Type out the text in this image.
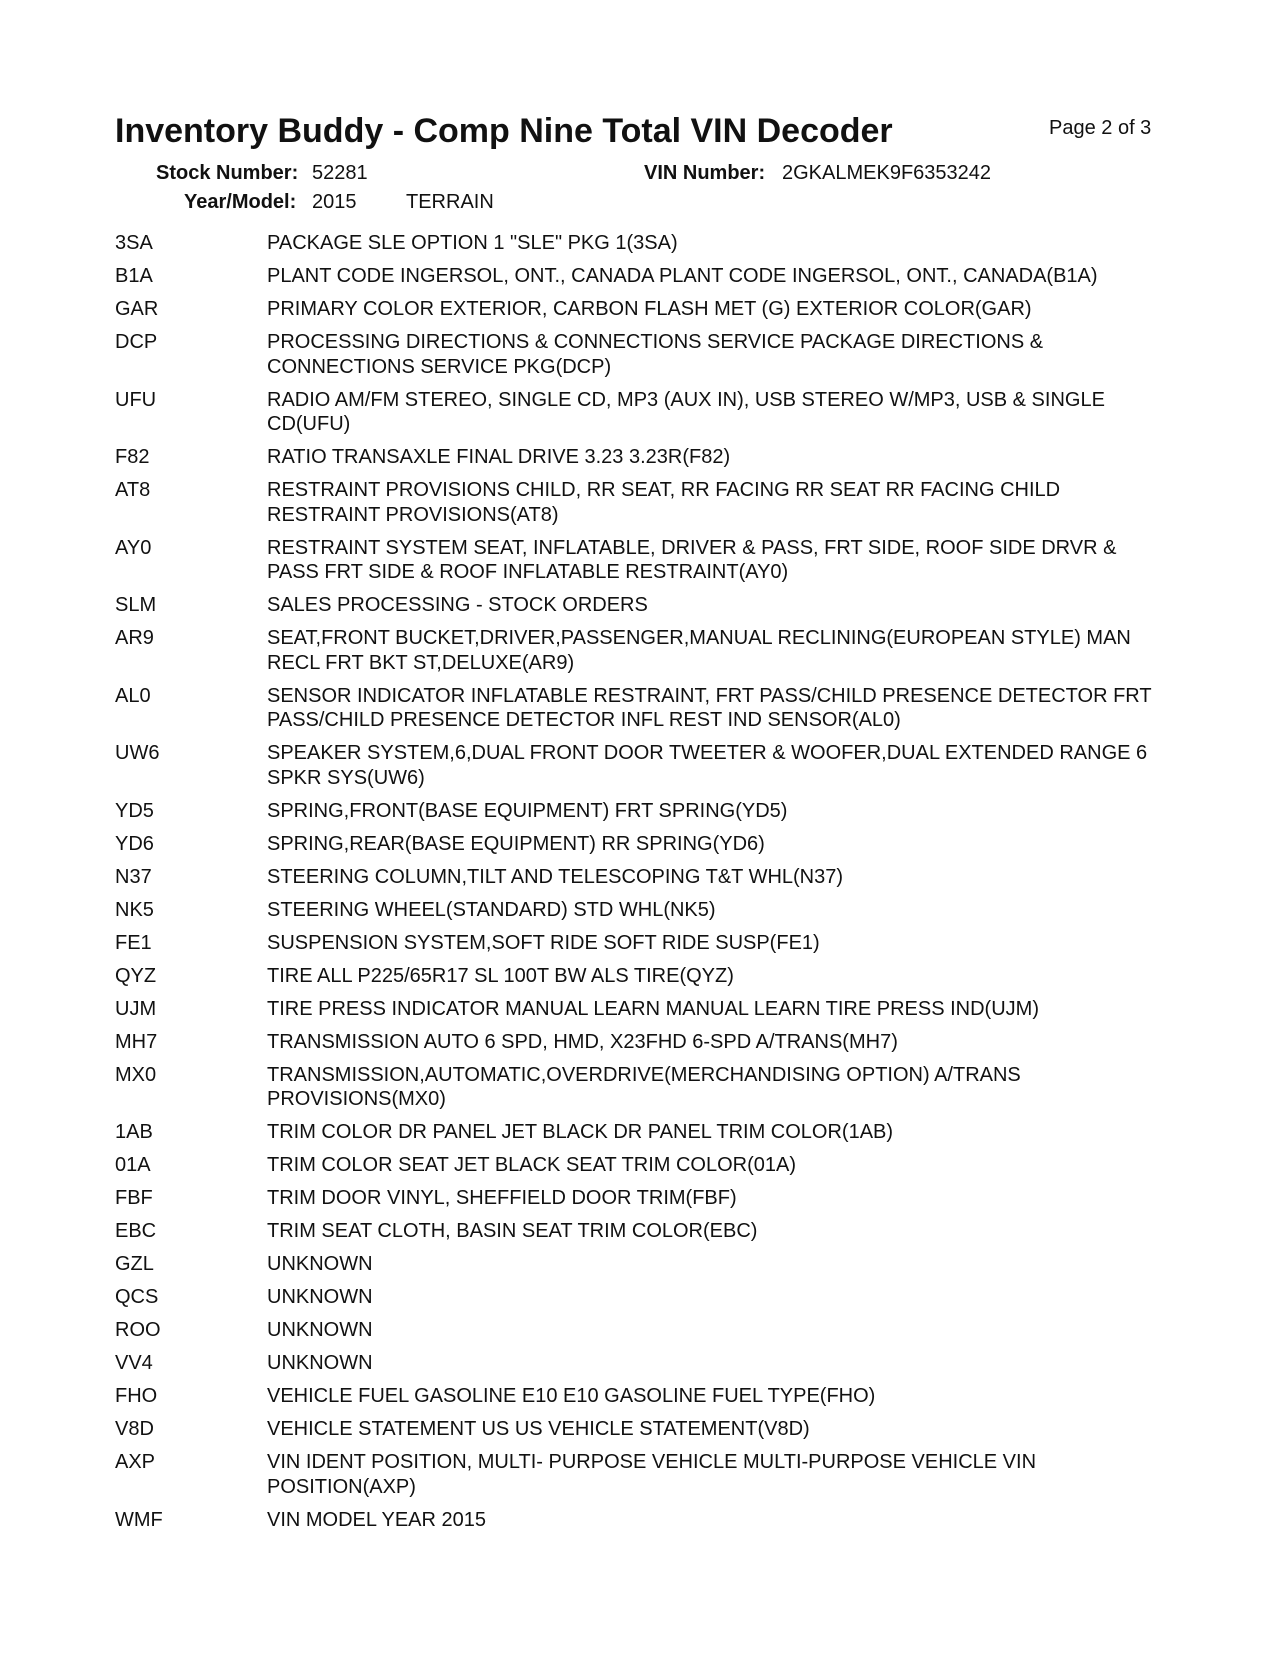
Inventory Buddy - Comp Nine Total VIN Decoder	Page 2 of 3
Stock Number: 52281	VIN Number: 2GKALMEK9F6353242
Year/Model: 2015 TERRAIN
3SA	PACKAGE SLE OPTION 1 "SLE" PKG 1(3SA)
B1A	PLANT CODE INGERSOL, ONT., CANADA PLANT CODE INGERSOL, ONT., CANADA(B1A)
GAR	PRIMARY COLOR EXTERIOR, CARBON FLASH MET (G) EXTERIOR COLOR(GAR)
DCP	PROCESSING DIRECTIONS & CONNECTIONS SERVICE PACKAGE DIRECTIONS & CONNECTIONS SERVICE PKG(DCP)
UFU	RADIO AM/FM STEREO, SINGLE CD, MP3 (AUX IN), USB STEREO W/MP3, USB & SINGLE CD(UFU)
F82	RATIO TRANSAXLE FINAL DRIVE 3.23 3.23R(F82)
AT8	RESTRAINT PROVISIONS CHILD, RR SEAT, RR FACING RR SEAT RR FACING CHILD RESTRAINT PROVISIONS(AT8)
AY0	RESTRAINT SYSTEM SEAT, INFLATABLE, DRIVER & PASS, FRT SIDE, ROOF SIDE DRVR & PASS FRT SIDE & ROOF INFLATABLE RESTRAINT(AY0)
SLM	SALES PROCESSING - STOCK ORDERS
AR9	SEAT,FRONT BUCKET,DRIVER,PASSENGER,MANUAL RECLINING(EUROPEAN STYLE) MAN RECL FRT BKT ST,DELUXE(AR9)
AL0	SENSOR INDICATOR INFLATABLE RESTRAINT, FRT PASS/CHILD PRESENCE DETECTOR FRT PASS/CHILD PRESENCE DETECTOR INFL REST IND SENSOR(AL0)
UW6	SPEAKER SYSTEM,6,DUAL FRONT DOOR TWEETER & WOOFER,DUAL EXTENDED RANGE 6 SPKR SYS(UW6)
YD5	SPRING,FRONT(BASE EQUIPMENT) FRT SPRING(YD5)
YD6	SPRING,REAR(BASE EQUIPMENT) RR SPRING(YD6)
N37	STEERING COLUMN,TILT AND TELESCOPING T&T WHL(N37)
NK5	STEERING WHEEL(STANDARD) STD WHL(NK5)
FE1	SUSPENSION SYSTEM,SOFT RIDE SOFT RIDE SUSP(FE1)
QYZ	TIRE ALL P225/65R17 SL 100T BW ALS TIRE(QYZ)
UJM	TIRE PRESS INDICATOR MANUAL LEARN MANUAL LEARN TIRE PRESS IND(UJM)
MH7	TRANSMISSION AUTO 6 SPD, HMD, X23FHD 6-SPD A/TRANS(MH7)
MX0	TRANSMISSION,AUTOMATIC,OVERDRIVE(MERCHANDISING OPTION) A/TRANS PROVISIONS(MX0)
1AB	TRIM COLOR DR PANEL JET BLACK DR PANEL TRIM COLOR(1AB)
01A	TRIM COLOR SEAT JET BLACK SEAT TRIM COLOR(01A)
FBF	TRIM DOOR VINYL, SHEFFIELD DOOR TRIM(FBF)
EBC	TRIM SEAT CLOTH, BASIN SEAT TRIM COLOR(EBC)
GZL	UNKNOWN
QCS	UNKNOWN
ROO	UNKNOWN
VV4	UNKNOWN
FHO	VEHICLE FUEL GASOLINE E10 E10 GASOLINE FUEL TYPE(FHO)
V8D	VEHICLE STATEMENT US US VEHICLE STATEMENT(V8D)
AXP	VIN IDENT POSITION, MULTI- PURPOSE VEHICLE MULTI-PURPOSE VEHICLE VIN POSITION(AXP)
WMF	VIN MODEL YEAR 2015
